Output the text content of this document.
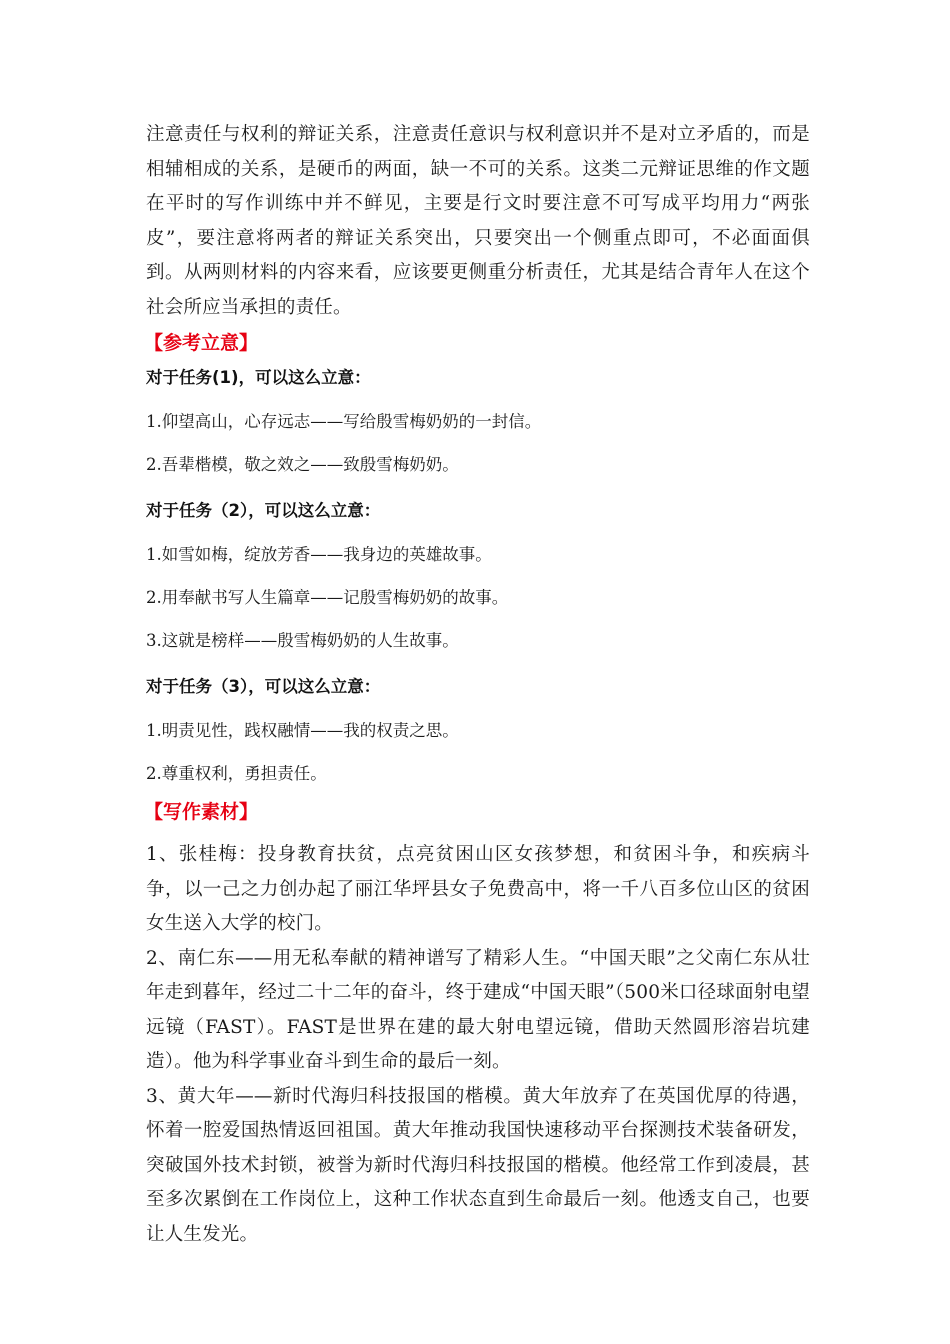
注意责任与权利的辩证关系，注意责任意识与权利意识并不是对立矛盾的，而是相辅相成的关系，是硬币的两面，缺一不可的关系。这类二元辩证思维的作文题在平时的写作训练中并不鲜见，主要是行文时要注意不可写成平均用力“两张皮”，要注意将两者的辩证关系突出，只要突出一个侧重点即可，不必面面俱到。从两则材料的内容来看，应该要更侧重分析责任，尤其是结合青年人在这个社会所应当承担的责任。

【参考立意】

对于任务(1)，可以这么立意：

1.仰望高山，心存远志——写给殷雪梅奶奶的一封信。

2.吾辈楷模，敬之效之——致殷雪梅奶奶。

对于任务（2），可以这么立意：

1.如雪如梅，绽放芳香——我身边的英雄故事。

2.用奉献书写人生篇章——记殷雪梅奶奶的故事。

3.这就是榜样——殷雪梅奶奶的人生故事。

对于任务（3），可以这么立意：

1.明责见性，践权融情——我的权责之思。

2.尊重权利，勇担责任。

【写作素材】

1、张桂梅：投身教育扶贫，点亮贫困山区女孩梦想，和贫困斗争，和疾病斗争，以一己之力创办起了丽江华坪县女子免费高中，将一千八百多位山区的贫困女生送入大学的校门。

2、南仁东——用无私奉献的精神谱写了精彩人生。“中国天眼”之父南仁东从壮年走到暮年，经过二十二年的奋斗，终于建成“中国天眼”（500米口径球面射电望远镜（FAST）。FAST是世界在建的最大射电望远镜，借助天然圆形溶岩坑建造）。他为科学事业奋斗到生命的最后一刻。

3、黄大年——新时代海归科技报国的楷模。黄大年放弃了在英国优厚的待遇，怀着一腔爱国热情返回祖国。黄大年推动我国快速移动平台探测技术装备研发，突破国外技术封锁，被誉为新时代海归科技报国的楷模。他经常工作到凌晨，甚至多次累倒在工作岗位上，这种工作状态直到生命最后一刻。他透支自己，也要让人生发光。
